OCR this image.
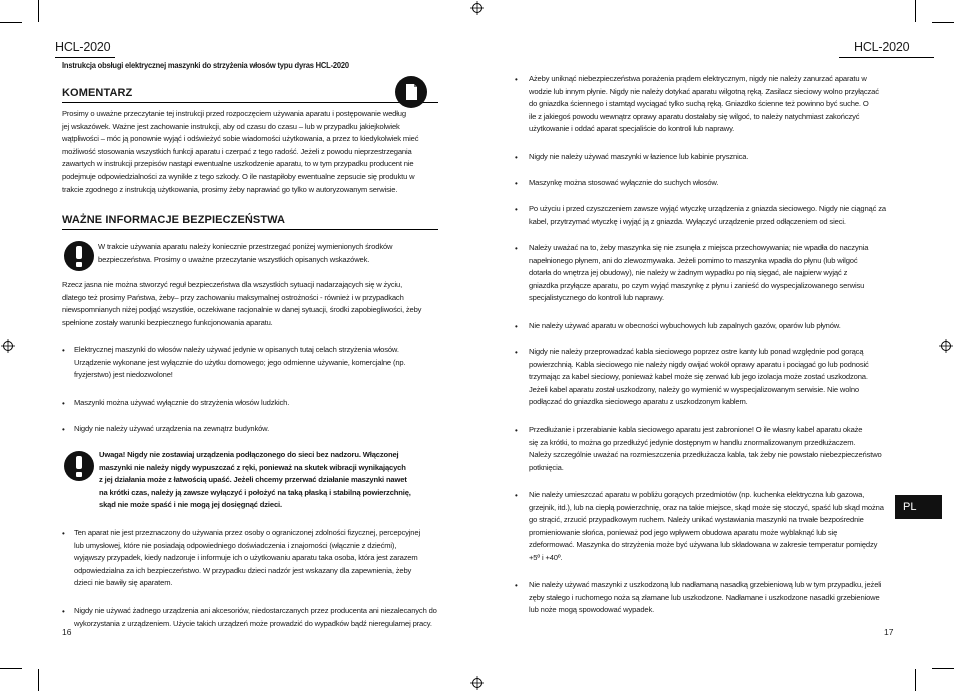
HCL-2020
Instrukcja obsługi elektrycznej maszynki do strzyżenia włosów typu dyras HCL-2020
KOMENTARZ
Prosimy o uważne przeczytanie tej instrukcji przed rozpoczęciem używania aparatu i postępowanie według
jej wskazówek. Ważne jest zachowanie instrukcji, aby od czasu do czasu – lub w przypadku jakiejkolwiek
wątpliwości – móc ją ponownie wyjąć i odświeżyć sobie wiadomości użytkowania, a przez to kiedykolwiek mieć
możliwość stosowania wszystkich funkcji aparatu i czerpać z tego radość. Jeżeli z powodu nieprzestrzegania
zawartych w instrukcji przepisów nastąpi ewentualne uszkodzenie aparatu, to w tym przypadku producent nie
podejmuje odpowiedzialności za wynikłe z tego szkody. O ile nastąpiłoby ewentualne zepsucie się produktu w
trakcie zgodnego z instrukcją użytkowania, prosimy żeby naprawiać go tylko w autoryzowanym serwisie.
WAŻNE INFORMACJE BEZPIECZEŃSTWA
W trakcie używania aparatu należy koniecznie przestrzegać poniżej wymienionych środków
bezpieczeństwa. Prosimy o uważne przeczytanie wszystkich opisanych wskazówek.
Rzecz jasna nie można stworzyć reguł bezpieczeństwa dla wszystkich sytuacji nadarzających się w życiu,
dlatego też prosimy Państwa, żeby– przy zachowaniu maksymalnej ostrożności - również i w przypadkach
niewspomnianych niżej podjąć wszystkie, oczekiwane racjonalnie w danej sytuacji, środki zapobiegliwości, żeby
spełnione zostały warunki bezpiecznego funkcjonowania aparatu.
• Elektrycznej maszynki do włosów należy używać jedynie w opisanych tutaj celach strzyżenia włosów.
Urządzenie wykonane jest wyłącznie do użytku domowego; jego odmienne używanie, komercjalne (np.
fryzjerstwo) jest niedozwolone!
• Maszynki można używać wyłącznie do strzyżenia włosów ludzkich.
• Nigdy nie należy używać urządzenia na zewnątrz budynków.
Uwaga! Nigdy nie zostawiaj urządzenia podłączonego do sieci bez nadzoru. Włączonej
maszynki nie należy nigdy wypuszczać z ręki, ponieważ na skutek wibracji wynikających
z jej działania może z łatwością upaść. Jeżeli chcemy przerwać działanie maszynki nawet
na krótki czas, należy ją zawsze wyłączyć i położyć na taką płaską i stabilną powierzchnię,
skąd nie może spaść i nie mogą jej dosięgnąć dzieci.
• Ten aparat nie jest przeznaczony do używania przez osoby o ograniczonej zdolności fizycznej, percepcyjnej
lub umysłowej, które nie posiadają odpowiedniego doświadczenia i znajomości (włącznie z dziećmi),
wyjąwszy przypadek, kiedy nadzoruje i informuje ich o użytkowaniu aparatu taka osoba, która jest zarazem
odpowiedzialna za ich bezpieczeństwo. W przypadku dzieci nadzór jest wskazany dla zapewnienia, żeby
dzieci nie bawiły się aparatem.
• Nigdy nie używać żadnego urządzenia ani akcesoriów, niedostarczanych przez producenta ani niezalecanych do
wykorzystania z urządzeniem. Użycie takich urządzeń może prowadzić do wypadków bądź nieregularnej pracy.
16
HCL-2020
• Ażeby uniknąć niebezpieczeństwa porażenia prądem elektrycznym, nigdy nie należy zanurzać aparatu w
wodzie lub innym płynie. Nigdy nie należy dotykać aparatu wilgotną ręką. Zasilacz sieciowy wolno przyłączać
do gniazdka ściennego i stamtąd wyciągać tylko suchą ręką. Gniazdko ścienne też powinno być suche. O
ile z jakiegoś powodu wewnątrz oprawy aparatu dostałaby się wilgoć, to należy natychmiast zakończyć
użytkowanie i oddać aparat specjaliście do kontroli lub naprawy.
• Nigdy nie należy używać maszynki w łazience lub kabinie prysznica.
• Maszynkę można stosować wyłącznie do suchych włosów.
• Po użyciu i przed czyszczeniem zawsze wyjąć wtyczkę urządzenia z gniazda sieciowego. Nigdy nie ciągnąć za
kabel, przytrzymać wtyczkę i wyjąć ją z gniazda. Wyłączyć urządzenie przed odłączeniem od sieci.
• Należy uważać na to, żeby maszynka się nie zsunęła z miejsca przechowywania; nie wpadła do naczynia
napełnionego płynem, ani do zlewozmywaka. Jeżeli pomimo to maszynka wpadła do płynu (lub wilgoć
dotarła do wnętrza jej obudowy), nie należy w żadnym wypadku po nią sięgać, ale najpierw wyjąć z
gniazdka przyłącze aparatu, po czym wyjąć maszynkę z płynu i zanieść do wyspecjalizowanego serwisu
specjalistycznego do kontroli lub naprawy.
• Nie należy używać aparatu w obecności wybuchowych lub zapalnych gazów, oparów lub płynów.
• Nigdy nie należy przeprowadzać kabla sieciowego poprzez ostre kanty lub ponad względnie pod gorącą
powierzchnią. Kabla sieciowego nie należy nigdy owijać wokół oprawy aparatu i pociągać go lub podnosić
trzymając za kabel sieciowy, ponieważ kabel może się zerwać lub jego izolacja może zostać uszkodzona.
Jeżeli kabel aparatu został uszkodzony, należy go wymienić w wyspecjalizowanym serwisie. Nie wolno
podłączać do gniazdka sieciowego aparatu z uszkodzonym kablem.
• Przedłużanie i przerabianie kabla sieciowego aparatu jest zabronione! O ile własny kabel aparatu okaże
się za krótki, to można go przedłużyć jedynie dostępnym w handlu znormalizowanym przedłużaczem.
Należy szczególnie uważać na rozmieszczenia przedłużacza kabla, tak żeby nie powstało niebezpieczeństwo
potknięcia.
• Nie należy umieszczać aparatu w pobliżu gorących przedmiotów (np. kuchenka elektryczna lub gazowa,
grzejnik, itd.), lub na ciepłą powierzchnię, oraz na takie miejsce, skąd może się stoczyć, spaść lub skąd można
go strącić, zrzucić przypadkowym ruchem. Należy unikać wystawiania maszynki na trwałe bezpośrednie
promieniowanie słońca, ponieważ pod jego wpływem obudowa aparatu może wyblaknąć lub się
zdeformować. Maszynka do strzyżenia może być używana lub składowana w zakresie temperatur pomiędzy
+5º i +40º.
• Nie należy używać maszynki z uszkodzoną lub nadłamaną nasadką grzebieniową lub w tym przypadku, jeżeli
zęby stałego i ruchomego noża są złamane lub uszkodzone. Nadłamane i uszkodzone nasadki grzebieniowe
lub noże mogą spowodować wypadek.
PL
17
